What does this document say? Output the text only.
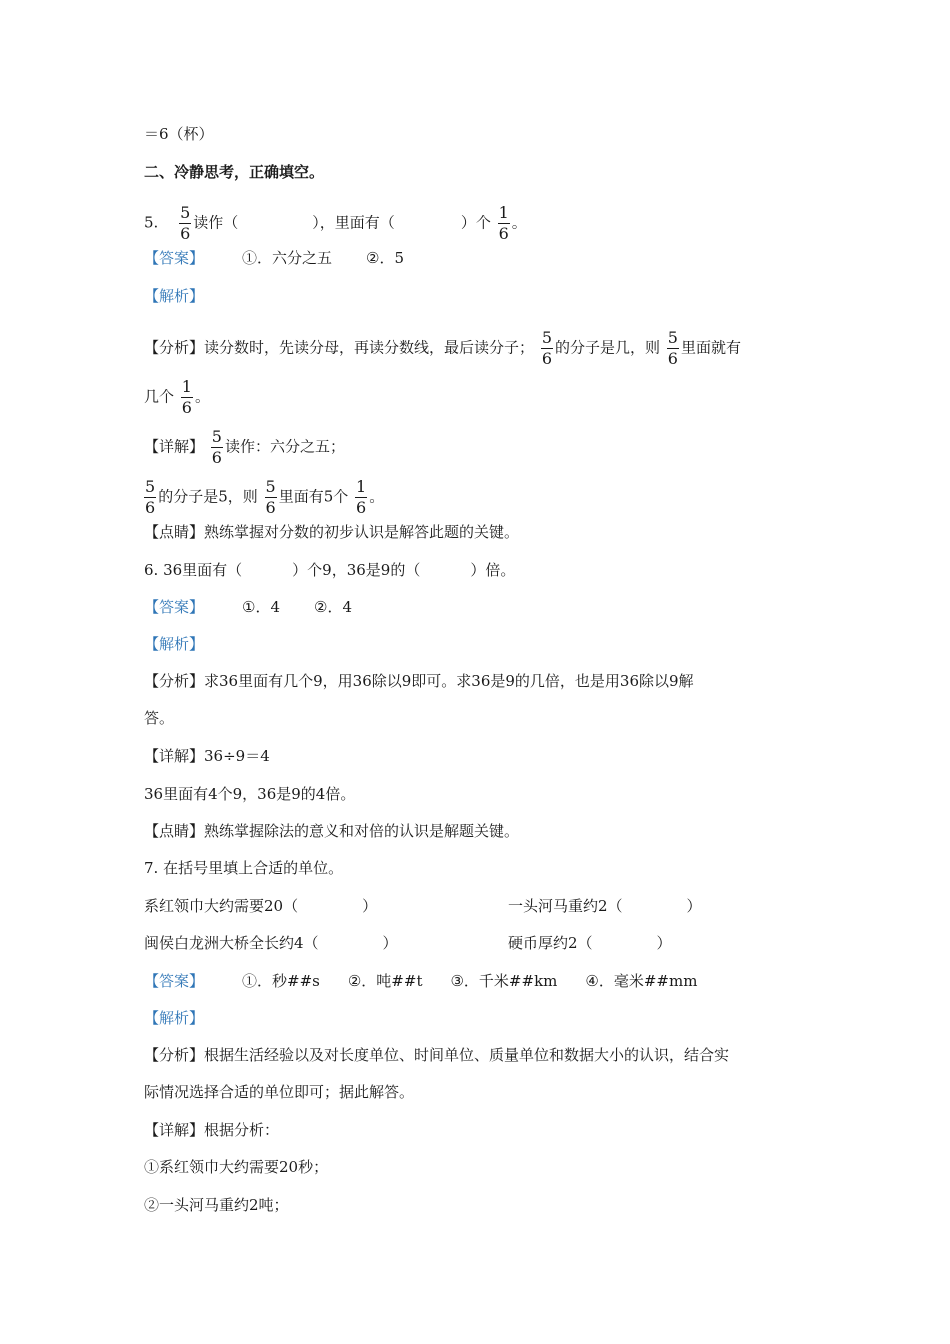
＝6（杯）
二、冷静思考，正确填空。
5. $\frac{5}{6}$ 读作（	），里面有（	）个 $\frac{1}{6}$ 。
【答案】	①．六分之五 ②．5
【解析】
【分析】读分数时，先读分母，再读分数线，最后读分子； $\frac{5}{6}$ 的分子是几，则 $\frac{5}{6}$ 里面就有
几个 $\frac{1}{6}$ 。
【详解】 $\frac{5}{6}$ 读作：六分之五；
$\frac{5}{6}$ 的分子是5，则 $\frac{5}{6}$ 里面有5个 $\frac{1}{6}$ 。
【点睛】熟练掌握对分数的初步认识是解答此题的关键。
6. 36里面有（	）个9，36是9的（	）倍。
【答案】	①．4 ②．4
【解析】
【分析】求36里面有几个9，用36除以9即可。求36是9的几倍，也是用36除以9解
答。
【详解】36÷9＝4
36里面有4个9，36是9的4倍。
【点睛】熟练掌握除法的意义和对倍的认识是解题关键。
7. 在括号里填上合适的单位。
系红领巾大约需要20（	）	一头河马重约2（	）
闽侯白龙洲大桥全长约4（	）	硬币厚约2（	）
【答案】	①．秒##s ②．吨##t ③．千米##km ④．毫米##mm
【解析】
【分析】根据生活经验以及对长度单位、时间单位、质量单位和数据大小的认识，结合实
际情况选择合适的单位即可；据此解答。
【详解】根据分析：
①系红领巾大约需要20秒；
②一头河马重约2吨；
